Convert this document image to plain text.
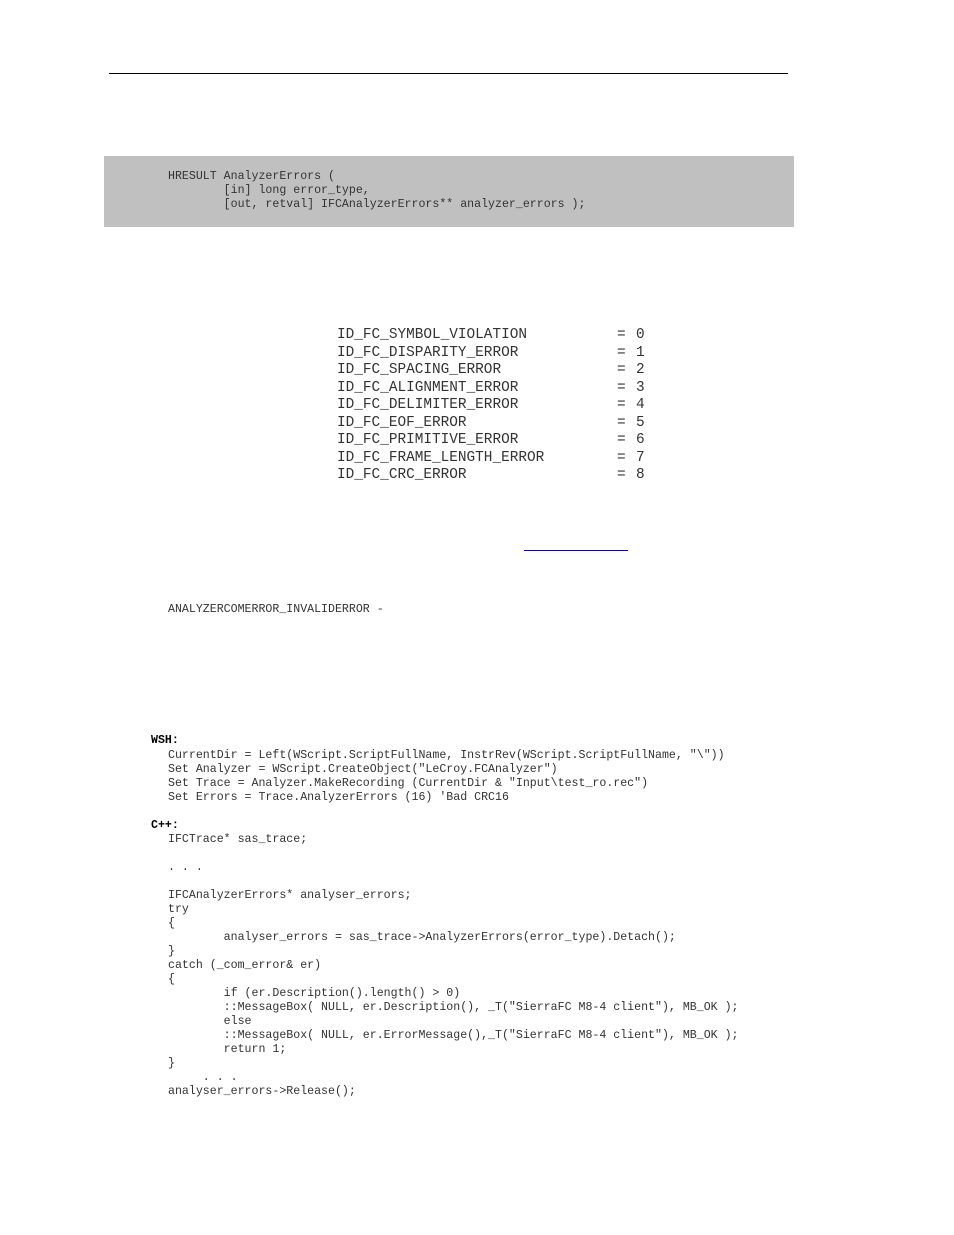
HRESULT AnalyzerErrors (
[in] long error_type,
[out, retval] IFCAnalyzerErrors** analyzer_errors );
ID_FC_SYMBOL_VIOLATION	= 0
ID_FC_DISPARITY_ERROR	= 1
ID_FC_SPACING_ERROR	= 2
ID_FC_ALIGNMENT_ERROR	= 3
ID_FC_DELIMITER_ERROR	= 4
ID_FC_EOF_ERROR	= 5
ID_FC_PRIMITIVE_ERROR	= 6
ID_FC_FRAME_LENGTH_ERROR	= 7
ID_FC_CRC_ERROR	= 8
ANALYZERCOMERROR_INVALIDERROR -
WSH:
CurrentDir = Left(WScript.ScriptFullName, InstrRev(WScript.ScriptFullName, "\"))
Set Analyzer = WScript.CreateObject("LeCroy.FCAnalyzer")
Set Trace = Analyzer.MakeRecording (CurrentDir & "Input\test_ro.rec")
Set Errors = Trace.AnalyzerErrors (16) 'Bad CRC16
C++:
IFCTrace* sas_trace;
. . .
IFCAnalyzerErrors* analyser_errors;
try
{
analyser_errors = sas_trace->AnalyzerErrors(error_type).Detach();
}
catch (_com_error& er)
{
if (er.Description().length() > 0)
::MessageBox( NULL, er.Description(), _T("SierraFC M8-4 client"), MB_OK );
else
::MessageBox( NULL, er.ErrorMessage(),_T("SierraFC M8-4 client"), MB_OK );
return 1;
}
. . .
analyser_errors->Release();
